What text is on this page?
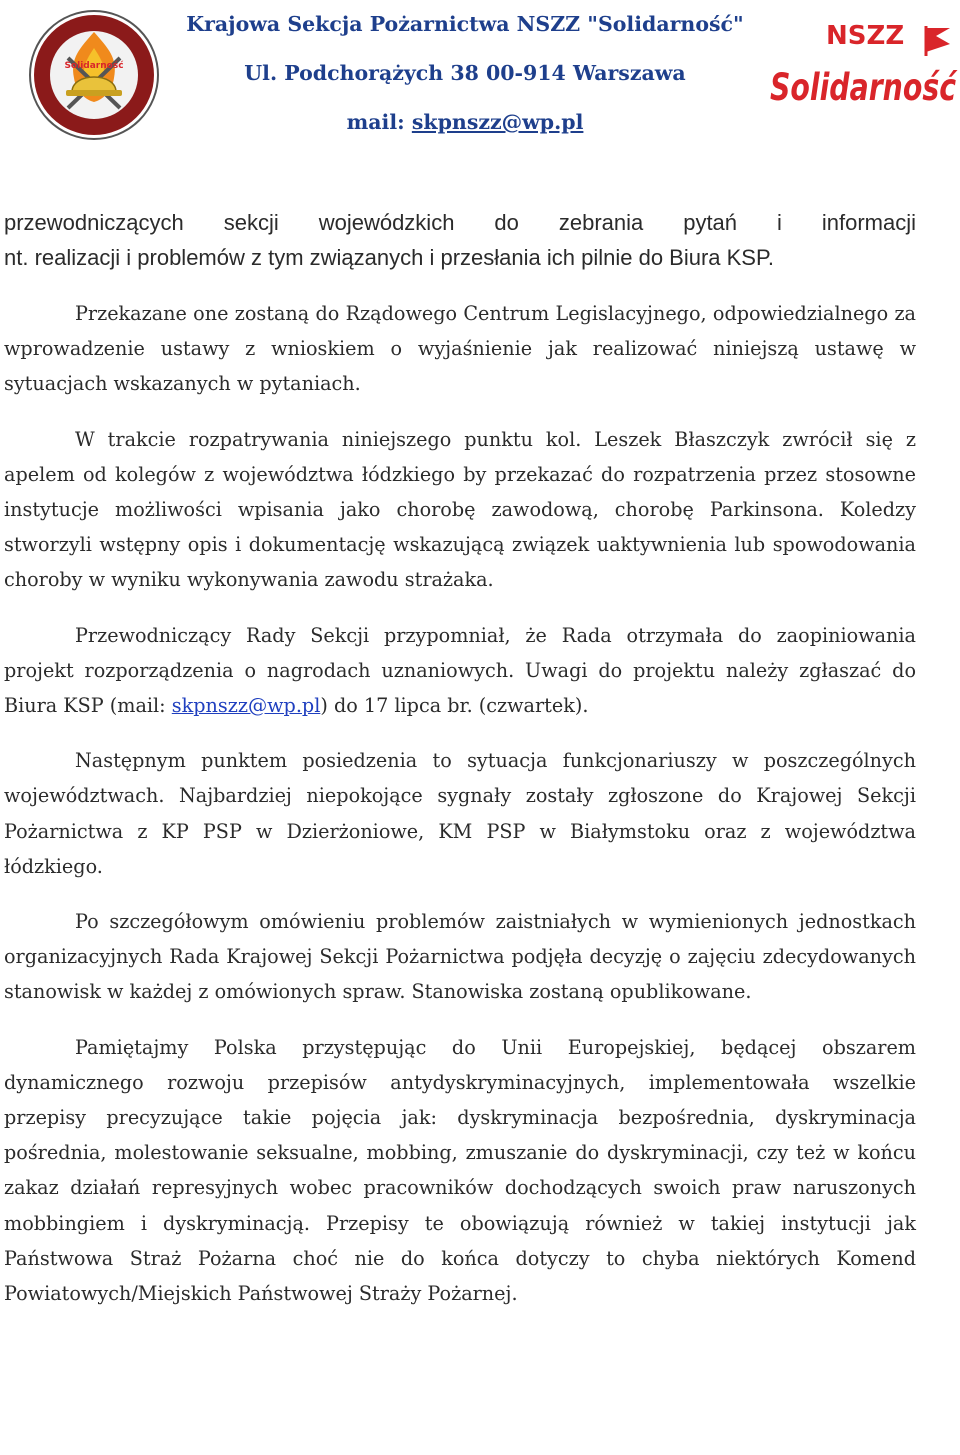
Solidarność
Krajowa Sekcja Pożarnictwa NSZZ "Solidarność"
Ul. Podchorążych 38 00-914 Warszawa
mail: skpnszz@wp.pl
NSZZ
Solidarność

przewodniczących sekcji wojewódzkich do zebrania pytań i informacji

nt. realizacji i problemów z tym związanych i przesłania ich pilnie do Biura KSP.

Przekazane one zostaną do Rządowego Centrum Legislacyjnego, odpowiedzialnego za wprowadzenie ustawy z wnioskiem o wyjaśnienie jak realizować niniejszą ustawę w sytuacjach wskazanych w pytaniach.

W trakcie rozpatrywania niniejszego punktu kol. Leszek Błaszczyk zwrócił się z apelem od kolegów z województwa łódzkiego by przekazać do rozpatrzenia przez stosowne instytucje możliwości wpisania jako chorobę zawodową, chorobę Parkinsona. Koledzy stworzyli wstępny opis i dokumentację wskazującą związek uaktywnienia lub spowodowania choroby w wyniku wykonywania zawodu strażaka.

Przewodniczący Rady Sekcji przypomniał, że Rada otrzymała do zaopiniowania projekt rozporządzenia o nagrodach uznaniowych. Uwagi do projektu należy zgłaszać do Biura KSP (mail: skpnszz@wp.pl) do 17 lipca br. (czwartek).

Następnym punktem posiedzenia to sytuacja funkcjonariuszy w poszczególnych województwach. Najbardziej niepokojące sygnały zostały zgłoszone do Krajowej Sekcji Pożarnictwa z KP PSP w Dzierżoniowe, KM PSP w Białymstoku oraz z województwa łódzkiego.

Po szczegółowym omówieniu problemów zaistniałych w wymienionych jednostkach organizacyjnych Rada Krajowej Sekcji Pożarnictwa podjęła decyzję o zajęciu zdecydowanych stanowisk w każdej z omówionych spraw. Stanowiska zostaną opublikowane.

Pamiętajmy Polska przystępując do Unii Europejskiej, będącej obszarem dynamicznego rozwoju przepisów antydyskryminacyjnych, implementowała wszelkie przepisy precyzujące takie pojęcia jak: dyskryminacja bezpośrednia, dyskryminacja pośrednia, molestowanie seksualne, mobbing, zmuszanie do dyskryminacji, czy też w końcu zakaz działań represyjnych wobec pracowników dochodzących swoich praw naruszonych mobbingiem i dyskryminacją. Przepisy te obowiązują również w takiej instytucji jak Państwowa Straż Pożarna choć nie do końca dotyczy to chyba niektórych Komend Powiatowych/Miejskich Państwowej Straży Pożarnej.
